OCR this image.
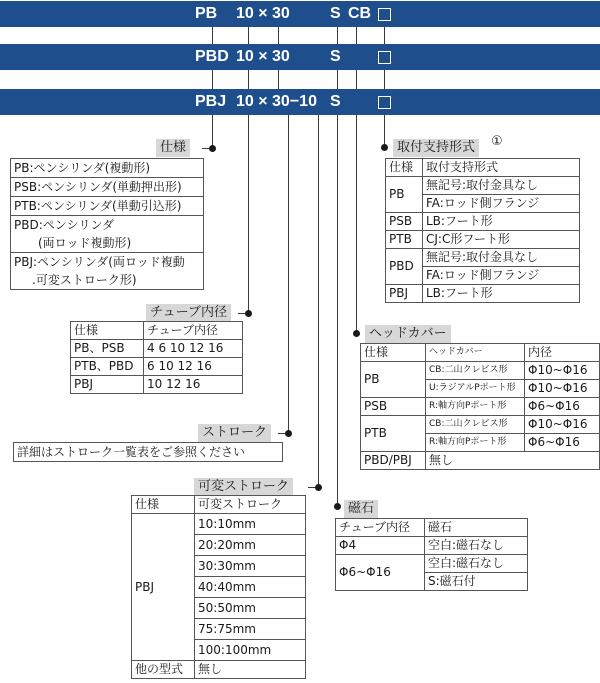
PB 10 × 30	S CB
PBD 10 × 30	S
PBJ 10 × 30−10 S
仕様
PB:ペンシリンダ(複動形)
PSB:ペンシリンダ(単動押出形)
PTB:ペンシリンダ(単動引込形)
PBD:ペンシリンダ
(両ロッド複動形)
PBJ:ペンシリンダ(両ロッド複動
.可変ストローク形)
チューブ内径
仕様	チューブ内径
PB、PSB	4 6 10 12 16
PTB、PBD	6 10 12 16
PBJ	10 12 16
ストローク
詳細はストローク一覧表をご参照ください
可変ストローク
仕様	可変ストローク
PBJ	10:10mm
	20:20mm
	30:30mm
	40:40mm
	50:50mm
	75:75mm
	100:100mm
他の型式	無し
取付支持形式	①
仕様	取付支持形式
PB	無記号:取付金具なし
	FA:ロッド側フランジ
PSB	LB:フート形
PTB	CJ:C形フート形
PBD	無記号:取付金具なし
	FA:ロッド側フランジ
PBJ	LB:フート形
ヘッドカバー
仕様	ヘッドカバー	内径
PB	CB:二山クレビス形	Φ10~Φ16
	U:ラジアルPポート形	Φ10~Φ16
PSB	R:軸方向Pポート形	Φ6~Φ16
PTB	CB:二山クレビス形	Φ10~Φ16
	R:軸方向Pポート形	Φ6~Φ16
PBD/PBJ	無し	
磁石
チューブ内径	磁石
Φ4	空白:磁石なし
Φ6~Φ16	空白:磁石なし
	S:磁石付
